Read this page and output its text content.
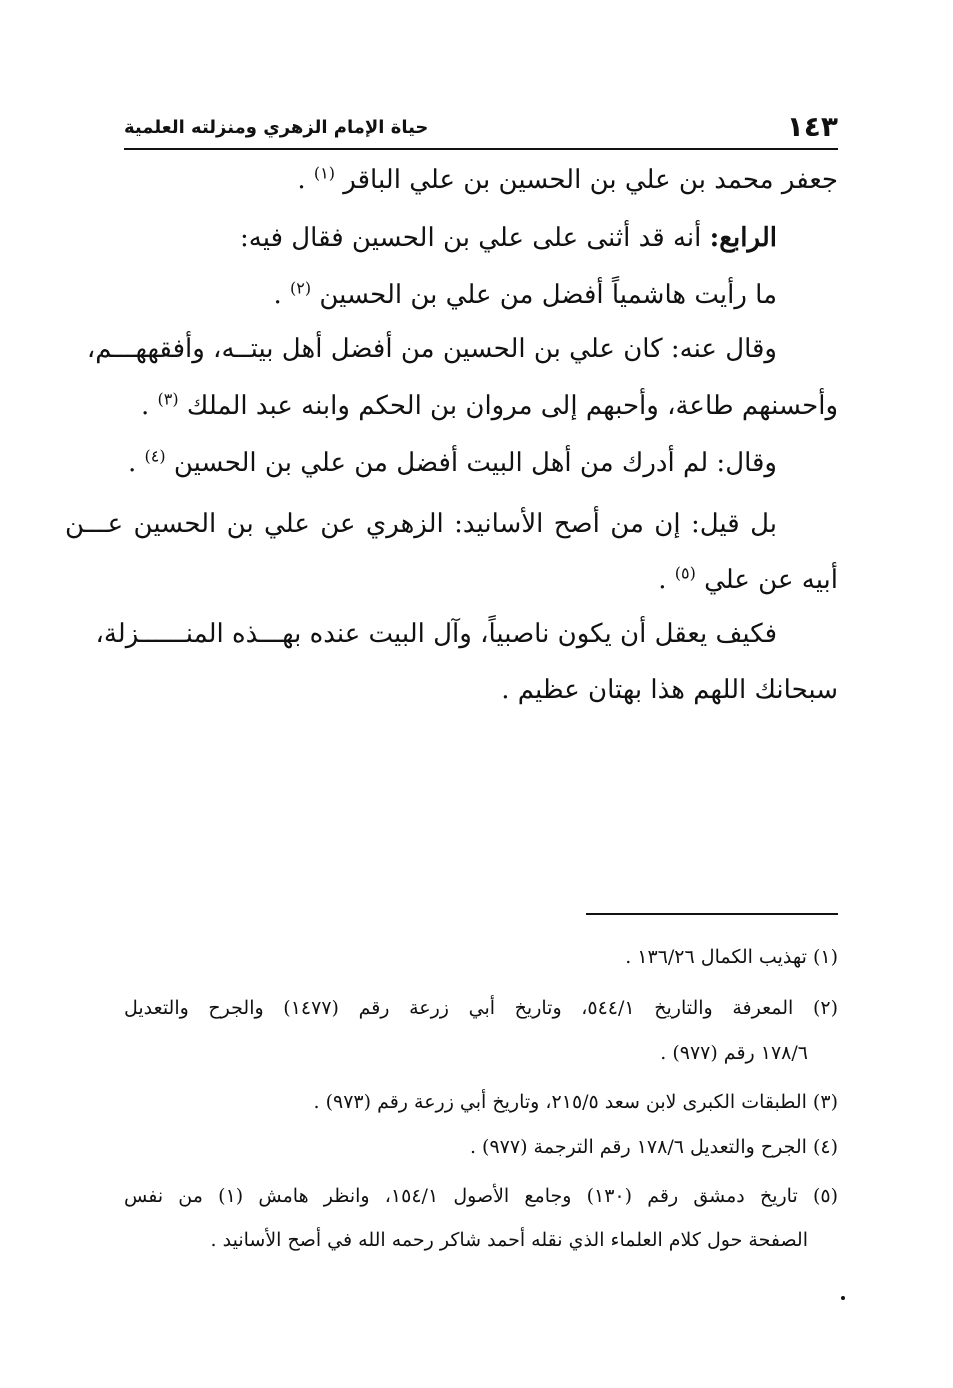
١٤٣
حياة الإمام الزهري ومنزلته العلمية
جعفر محمد بن علي بن الحسين بن علي الباقر $^{(١)}$ .
الرابع: أنه قد أثنى على علي بن الحسين فقال فيه:
ما رأيت هاشمياً أفضل من علي بن الحسين $^{(٢)}$ .
وقال عنه: كان علي بن الحسين من أفضل أهل بيتــه، وأفقههـــم،
وأحسنهم طاعة، وأحبهم إلى مروان بن الحكم وابنه عبد الملك $^{(٣)}$ .
وقال: لم أدرك من أهل البيت أفضل من علي بن الحسين $^{(٤)}$ .
بل قيل: إن من أصح الأسانيد: الزهري عن علي بن الحسين عـــن
أبيه عن علي $^{(٥)}$ .
فكيف يعقل أن يكون ناصبياً، وآل البيت عنده بهـــذه المنــــــزلة،
سبحانك اللهم هذا بهتان عظيم .
(١) تهذيب الكمال ١٣٦/٢٦ .
(٢) المعرفة والتاريخ ٥٤٤/١، وتاريخ أبي زرعة رقم (١٤٧٧) والجرح والتعديل
١٧٨/٦ رقم (٩٧٧) .
(٣) الطبقات الكبرى لابن سعد ٢١٥/٥، وتاريخ أبي زرعة رقم (٩٧٣) .
(٤) الجرح والتعديل ١٧٨/٦ رقم الترجمة (٩٧٧) .
(٥) تاريخ دمشق رقم (١٣٠) وجامع الأصول ١٥٤/١، وانظر هامش (١) من نفس
الصفحة حول كلام العلماء الذي نقله أحمد شاكر رحمه الله في أصح الأسانيد .
